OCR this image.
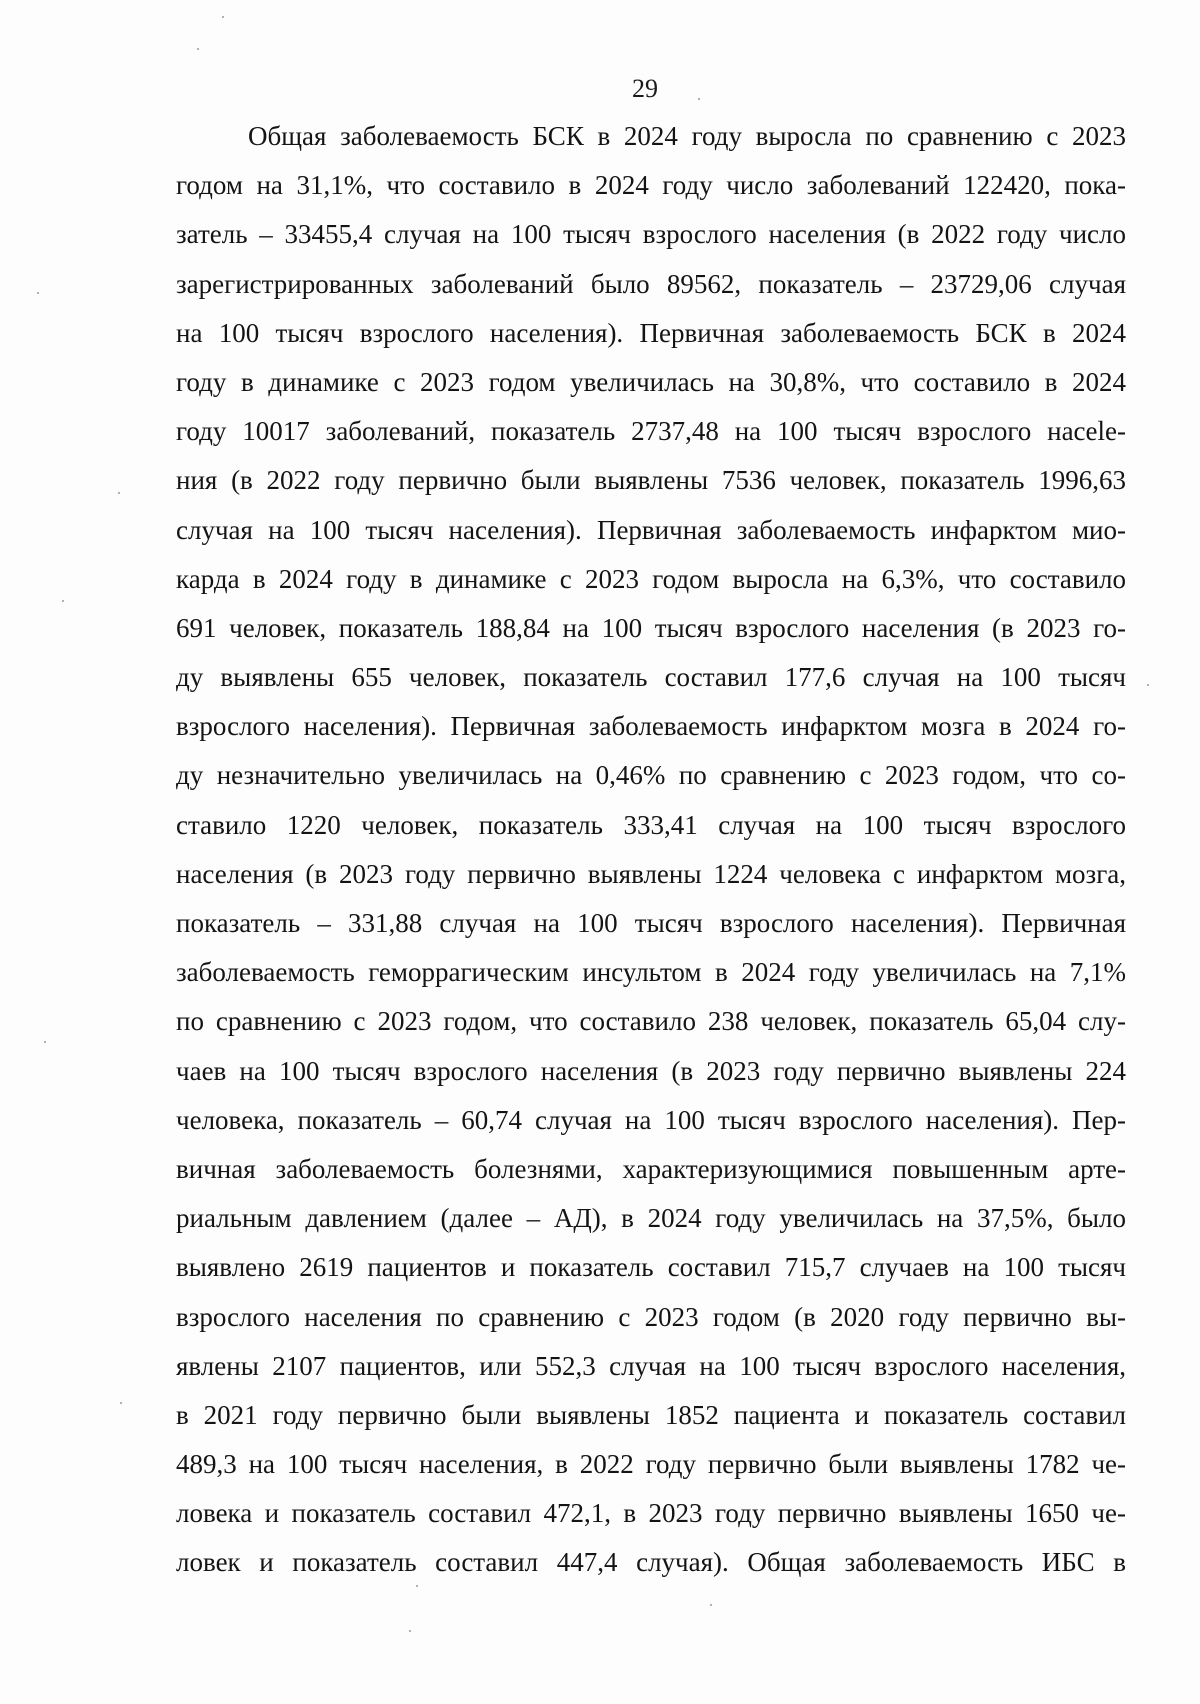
29
Общая заболеваемость БСК в 2024 году выросла по сравнению с 2023
годом на 31,1%, что составило в 2024 году число заболеваний 122420, пока-
затель – 33455,4 случая на 100 тысяч взрослого населения (в 2022 году число
зарегистрированных заболеваний было 89562, показатель – 23729,06 случая
на 100 тысяч взрослого населения). Первичная заболеваемость БСК в 2024
году в динамике с 2023 годом увеличилась на 30,8%, что составило в 2024
году 10017 заболеваний, показатель 2737,48 на 100 тысяч взрослого насele-
ния (в 2022 году первично были выявлены 7536 человек, показатель 1996,63
случая на 100 тысяч населения). Первичная заболеваемость инфарктом мио-
карда в 2024 году в динамике с 2023 годом выросла на 6,3%, что составило
691 человек, показатель 188,84 на 100 тысяч взрослого населения (в 2023 го-
ду выявлены 655 человек, показатель составил 177,6 случая на 100 тысяч
взрослого населения). Первичная заболеваемость инфарктом мозга в 2024 го-
ду незначительно увеличилась на 0,46% по сравнению с 2023 годом, что со-
ставило 1220 человек, показатель 333,41 случая на 100 тысяч взрослого
населения (в 2023 году первично выявлены 1224 человека с инфарктом мозга,
показатель – 331,88 случая на 100 тысяч взрослого населения). Первичная
заболеваемость геморрагическим инсультом в 2024 году увеличилась на 7,1%
по сравнению с 2023 годом, что составило 238 человек, показатель 65,04 слу-
чаев на 100 тысяч взрослого населения (в 2023 году первично выявлены 224
человека, показатель – 60,74 случая на 100 тысяч взрослого населения). Пер-
вичная заболеваемость болезнями, характеризующимися повышенным арте-
риальным давлением (далее – АД), в 2024 году увеличилась на 37,5%, было
выявлено 2619 пациентов и показатель составил 715,7 случаев на 100 тысяч
взрослого населения по сравнению с 2023 годом (в 2020 году первично вы-
явлены 2107 пациентов, или 552,3 случая на 100 тысяч взрослого населения,
в 2021 году первично были выявлены 1852 пациента и показатель составил
489,3 на 100 тысяч населения, в 2022 году первично были выявлены 1782 че-
ловека и показатель составил 472,1, в 2023 году первично выявлены 1650 че-
ловек и показатель составил 447,4 случая). Общая заболеваемость ИБС в
